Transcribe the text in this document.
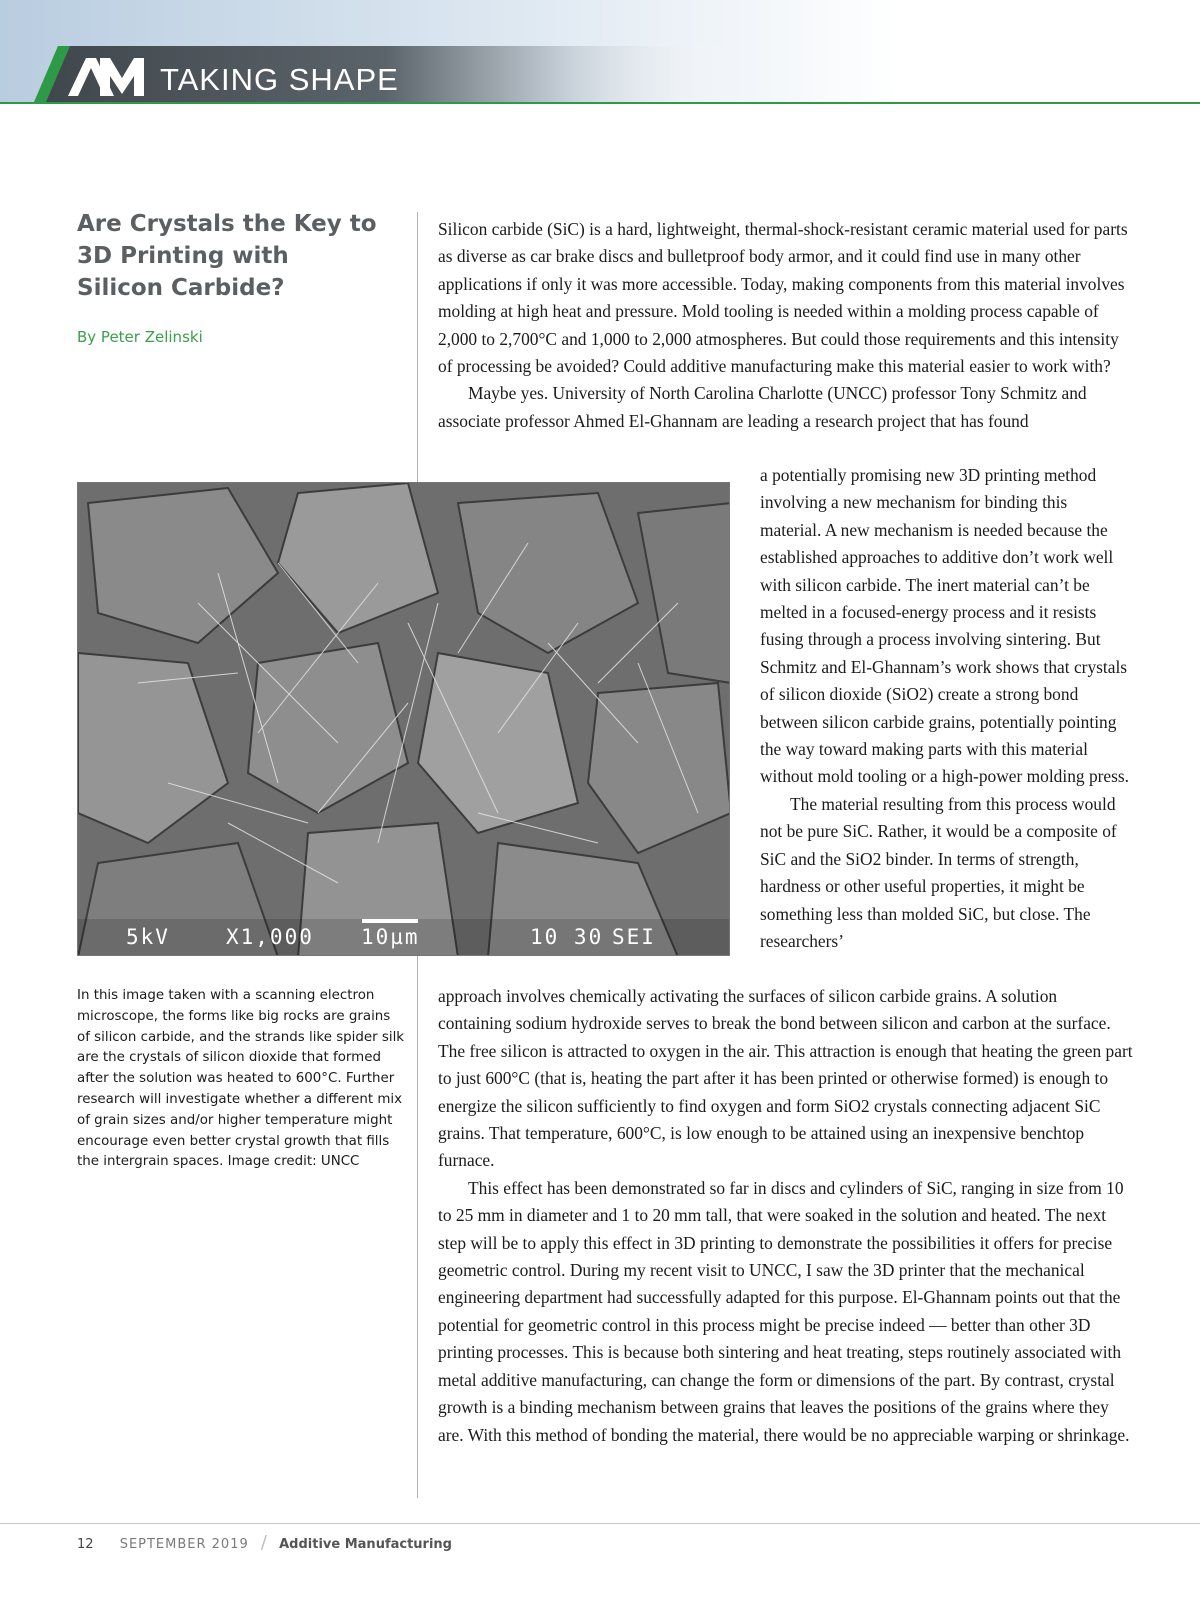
AM
TAKING SHAPE
Are Crystals the Key to 3D Printing with Silicon Carbide?
By Peter Zelinski
5kV	X1,000 10µm	10 30 SEI
In this image taken with a scanning electron microscope, the forms like big rocks are grains of silicon carbide, and the strands like spider silk are the crystals of silicon dioxide that formed after the solution was heated to 600°C. Further research will investigate whether a different mix of grain sizes and/or higher temperature might encourage even better crystal growth that fills the intergrain spaces. Image credit: UNCC

Silicon carbide (SiC) is a hard, lightweight, thermal-shock-resistant ceramic material used for parts as diverse as car brake discs and bulletproof body armor, and it could find use in many other applications if only it was more accessible. Today, making components from this material involves molding at high heat and pressure. Mold tooling is needed within a molding process capable of 2,000 to 2,700°C and 1,000 to 2,000 atmospheres. But could those requirements and this intensity of processing be avoided? Could additive manufacturing make this material easier to work with?

Maybe yes. University of North Carolina Charlotte (UNCC) professor Tony Schmitz and associate professor Ahmed El-Ghannam are leading a research project that has found

a potentially promising new 3D printing method involving a new mechanism for binding this material. A new mechanism is needed because the established approaches to additive don’t work well with silicon carbide. The inert material can’t be melted in a focused-energy process and it resists fusing through a process involving sintering. But Schmitz and El-Ghannam’s work shows that crystals of silicon dioxide (SiO2) create a strong bond between silicon carbide grains, potentially pointing the way toward making parts with this material without mold tooling or a high-power molding press.

The material resulting from this process would not be pure SiC. Rather, it would be a composite of SiC and the SiO2 binder. In terms of strength, hardness or other useful properties, it might be something less than molded SiC, but close. The researchers’

approach involves chemically activating the surfaces of silicon carbide grains. A solution containing sodium hydroxide serves to break the bond between silicon and carbon at the surface. The free silicon is attracted to oxygen in the air. This attraction is enough that heating the green part to just 600°C (that is, heating the part after it has been printed or otherwise formed) is enough to energize the silicon sufficiently to find oxygen and form SiO2 crystals connecting adjacent SiC grains. That temperature, 600°C, is low enough to be attained using an inexpensive benchtop furnace.

This effect has been demonstrated so far in discs and cylinders of SiC, ranging in size from 10 to 25 mm in diameter and 1 to 20 mm tall, that were soaked in the solution and heated. The next step will be to apply this effect in 3D printing to demonstrate the possibilities it offers for precise geometric control. During my recent visit to UNCC, I saw the 3D printer that the mechanical engineering department had successfully adapted for this purpose. El-Ghannam points out that the potential for geometric control in this process might be precise indeed — better than other 3D printing processes. This is because both sintering and heat treating, steps routinely associated with metal additive manufacturing, can change the form or dimensions of the part. By contrast, crystal growth is a binding mechanism between grains that leaves the positions of the grains where they are. With this method of bonding the material, there would be no appreciable warping or shrinkage.

12 SEPTEMBER 2019 / Additive Manufacturing
